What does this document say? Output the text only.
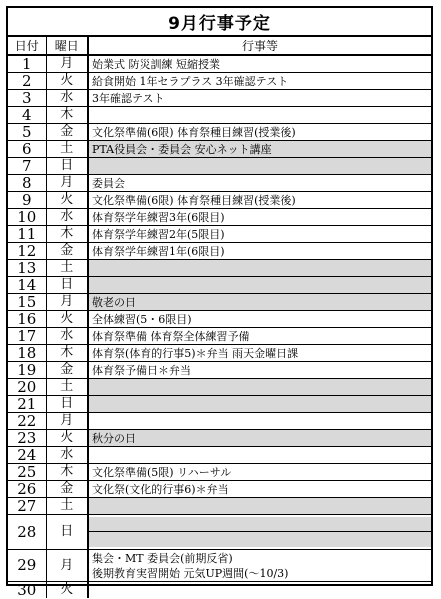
9月行事予定
日付	曜日	行事等
1	月	始業式 防災訓練 短縮授業
2	火	給食開始 1年セラプラス 3年確認テスト
3	水	3年確認テスト
4	木	
5	金	文化祭準備(6限) 体育祭種目練習(授業後)
6	土	PTA役員会・委員会 安心ネット講座
7	日	
8	月	委員会
9	火	文化祭準備(6限) 体育祭種目練習(授業後)
10	水	体育祭学年練習3年(6限目)
11	木	体育祭学年練習2年(5限目)
12	金	体育祭学年練習1年(6限目)
13	土	
14	日	
15	月	敬老の日
16	火	全体練習(5・6限目)
17	水	体育祭準備 体育祭全体練習予備
18	木	体育祭(体育的行事5)＊弁当 雨天金曜日課
19	金	体育祭予備日＊弁当
20	土	
21	日	
22	月	
23	火	秋分の日
24	水	
25	木	文化祭準備(5限) リハーサル
26	金	文化祭(文化的行事6)＊弁当
27	土	
28	日	

29	月	集会・MT 委員会(前期反省)
後期教育実習開始 元気UP週間(〜10/3)

30	火	
